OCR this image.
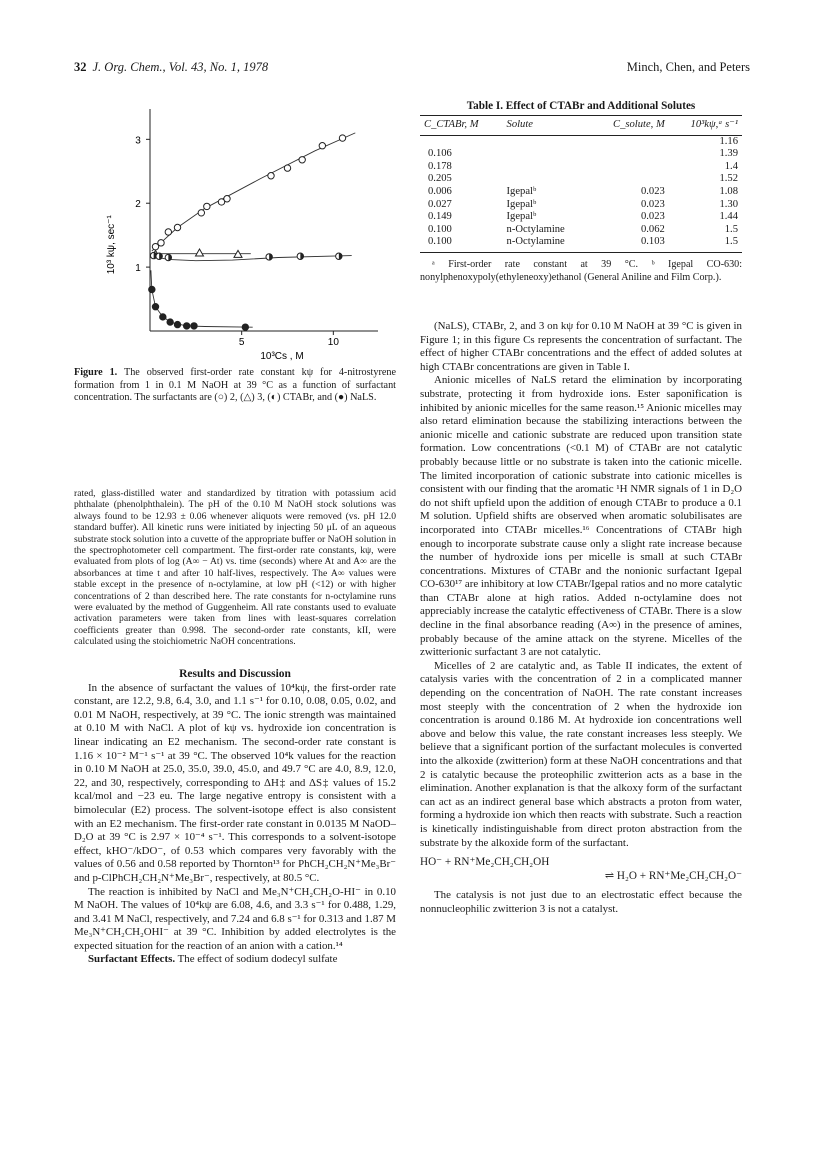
32 J. Org. Chem., Vol. 43, No. 1, 1978	Minch, Chen, and Peters
1
2
3
5	10
10³ kψ, sec⁻¹
10³Cs , M
Figure 1. The observed first-order rate constant kψ for 4-nitrostyrene formation from 1 in 0.1 M NaOH at 39 °C as a function of surfactant concentration. The surfactants are (○) 2, (△) 3, (◐) CTABr, and (●) NaLS.

rated, glass-distilled water and standardized by titration with potassium acid phthalate (phenolphthalein). The pH of the 0.10 M NaOH stock solutions was always found to be 12.93 ± 0.06 whenever aliquots were removed (vs. pH 12.0 standard buffer). All kinetic runs were initiated by injecting 50 μL of an aqueous substrate stock solution into a cuvette of the appropriate buffer or NaOH solution in the spectrophotometer cell compartment. The first-order rate constants, kψ, were evaluated from plots of log (A∞ − At) vs. time (seconds) where At and A∞ are the absorbances at time t and after 10 half-lives, respectively. The A∞ values were stable except in the presence of n-octylamine, at low pH (<12) or with higher concentrations of 2 than described here. The rate constants for n-octylamine runs were evaluated by the method of Guggenheim. All rate constants used to evaluate activation parameters were taken from lines with least-squares correlation coefficients greater than 0.998. The second-order rate constants, kII, were calculated using the stoichiometric NaOH concentrations.

Results and Discussion

In the absence of surfactant the values of 10⁴kψ, the first-order rate constant, are 12.2, 9.8, 6.4, 3.0, and 1.1 s⁻¹ for 0.10, 0.08, 0.05, 0.02, and 0.01 M NaOH, respectively, at 39 °C. The ionic strength was maintained at 0.10 M with NaCl. A plot of kψ vs. hydroxide ion concentration is linear indicating an E2 mechanism. The second-order rate constant is 1.16 × 10⁻² M⁻¹ s⁻¹ at 39 °C. The observed 10⁴k values for the reaction in 0.10 M NaOH at 25.0, 35.0, 39.0, 45.0, and 49.7 °C are 4.0, 8.9, 12.0, 22, and 30, respectively, corresponding to ΔH‡ and ΔS‡ values of 15.2 kcal/mol and −23 eu. The large negative entropy is consistent with a bimolecular (E2) process. The solvent-isotope effect is also consistent with an E2 mechanism. The first-order rate constant in 0.0135 M NaOD–D₂O at 39 °C is 2.97 × 10⁻⁴ s⁻¹. This corresponds to a solvent-isotope effect, kHO⁻/kDO⁻, of 0.53 which compares very favorably with the values of 0.56 and 0.58 reported by Thornton¹³ for PhCH₂CH₂N⁺Me₃Br⁻ and p-ClPhCH₂CH₂N⁺Me₃Br⁻, respectively, at 80.5 °C.

The reaction is inhibited by NaCl and Me₃N⁺CH₂CH₂O-HI⁻ in 0.10 M NaOH. The values of 10⁴kψ are 6.08, 4.6, and 3.3 s⁻¹ for 0.488, 1.29, and 3.41 M NaCl, respectively, and 7.24 and 6.8 s⁻¹ for 0.313 and 1.87 M Me₃N⁺CH₂CH₂OHI⁻ at 39 °C. Inhibition by added electrolytes is the expected situation for the reaction of an anion with a cation.¹⁴

Surfactant Effects. The effect of sodium dodecyl sulfate

Table I. Effect of CTABr and Additional Solutes
C_CTABr, M	Solute	C_solute, M	10³kψ,ᵃ s⁻¹
			1.16
0.106			1.39
0.178			1.4
0.205			1.52
0.006	Igepalᵇ	0.023	1.08
0.027	Igepalᵇ	0.023	1.30
0.149	Igepalᵇ	0.023	1.44
0.100	n-Octylamine	0.062	1.5
0.100	n-Octylamine	0.103	1.5
ᵃ First-order rate constant at 39 °C. ᵇ Igepal CO-630: nonylphenoxypoly(ethyleneoxy)ethanol (General Aniline and Film Corp.).

(NaLS), CTABr, 2, and 3 on kψ for 0.10 M NaOH at 39 °C is given in Figure 1; in this figure Cs represents the concentration of surfactant. The effect of higher CTABr concentrations and the effect of added solutes at high CTABr concentrations are given in Table I.

Anionic micelles of NaLS retard the elimination by incorporating substrate, protecting it from hydroxide ions. Ester saponification is inhibited by anionic micelles for the same reason.¹⁵ Anionic micelles may also retard elimination because the stabilizing interactions between the anionic micelle and cationic substrate are reduced upon transition state formation. Low concentrations (<0.1 M) of CTABr are not catalytic probably because little or no substrate is taken into the cationic micelle. The limited incorporation of cationic substrate into cationic micelles is consistent with our finding that the aromatic ¹H NMR signals of 1 in D₂O do not shift upfield upon the addition of enough CTABr to produce a 0.1 M solution. Upfield shifts are observed when aromatic solubilisates are incorporated into CTABr micelles.¹⁶ Concentrations of CTABr high enough to incorporate substrate cause only a slight rate increase because the number of hydroxide ions per micelle is small at such CTABr concentrations. Mixtures of CTABr and the nonionic surfactant Igepal CO-630¹⁷ are inhibitory at low CTABr/Igepal ratios and no more catalytic than CTABr alone at high ratios. Added n-octylamine does not appreciably increase the catalytic effectiveness of CTABr. There is a slow decline in the final absorbance reading (A∞) in the presence of amines, probably because of the amine attack on the styrene. Micelles of the zwitterionic surfactant 3 are not catalytic.

Micelles of 2 are catalytic and, as Table II indicates, the extent of catalysis varies with the concentration of 2 in a complicated manner depending on the concentration of NaOH. The rate constant increases most steeply with the concentration of 2 when the hydroxide ion concentration is around 0.186 M. At hydroxide ion concentrations well above and below this value, the rate constant increases less steeply. We believe that a significant portion of the surfactant molecules is converted into the alkoxide (zwitterion) form at these NaOH concentrations and that 2 is catalytic because the proteophilic zwitterion acts as a base in the elimination. Another explanation is that the alkoxy form of the surfactant can act as an indirect general base which abstracts a proton from water, forming a hydroxide ion which then reacts with substrate. Such a reaction is kinetically indistinguishable from direct proton abstraction from the substrate by the alkoxide form of the surfactant.

HO⁻ + RN⁺Me₂CH₂CH₂OH
⇌ H₂O + RN⁺Me₂CH₂CH₂O⁻

The catalysis is not just due to an electrostatic effect because the nonnucleophilic zwitterion 3 is not a catalyst.
